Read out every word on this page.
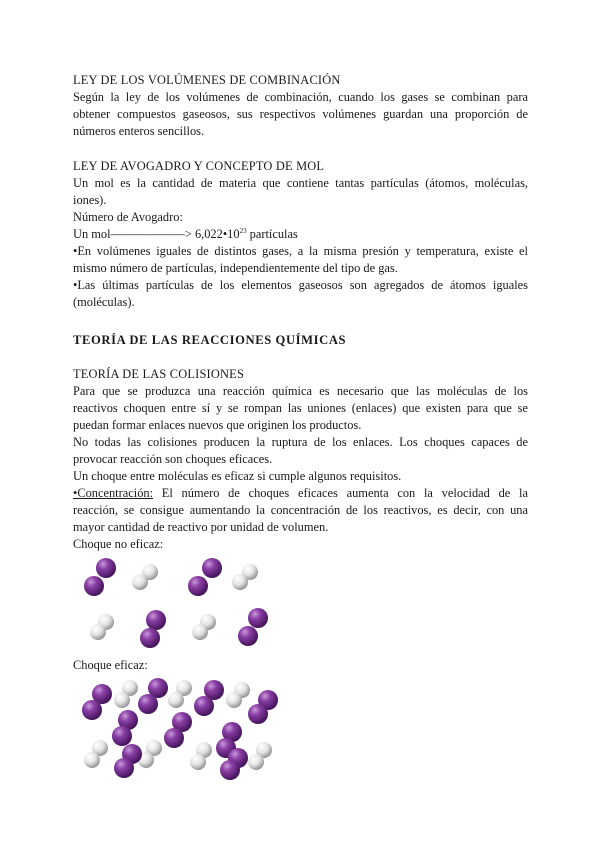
LEY DE LOS VOLÚMENES DE COMBINACIÓN
Según la ley de los volúmenes de combinación, cuando los gases se combinan para
obtener compuestos gaseosos, sus respectivos volúmenes guardan una proporción de
números enteros sencillos.
LEY DE AVOGADRO Y CONCEPTO DE MOL
Un mol es la cantidad de materia que contiene tantas partículas (átomos, moléculas,
iones).
Número de Avogadro:
Un mol——————> $6,022•10^{23}$ partículas
•En volúmenes iguales de distintos gases, a la misma presión y temperatura, existe el
mismo número de partículas, independientemente del tipo de gas.
•Las últimas partículas de los elementos gaseosos son agregados de átomos iguales
(moléculas).
TEORÍA DE LAS REACCIONES QUÍMICAS
TEORÍA DE LAS COLISIONES
Para que se produzca una reacción química es necesario que las moléculas de los
reactivos choquen entre sí y se rompan las uniones (enlaces) que existen para que se
puedan formar enlaces nuevos que originen los productos.
No todas las colisiones producen la ruptura de los enlaces. Los choques capaces de
provocar reacción son choques eficaces.
Un choque entre moléculas es eficaz si cumple algunos requisitos.
•Concentración: El número de choques eficaces aumenta con la velocidad de la
reacción, se consigue aumentando la concentración de los reactivos, es decir, con una
mayor cantidad de reactivo por unidad de volumen.
Choque no eficaz:
Choque eficaz:
